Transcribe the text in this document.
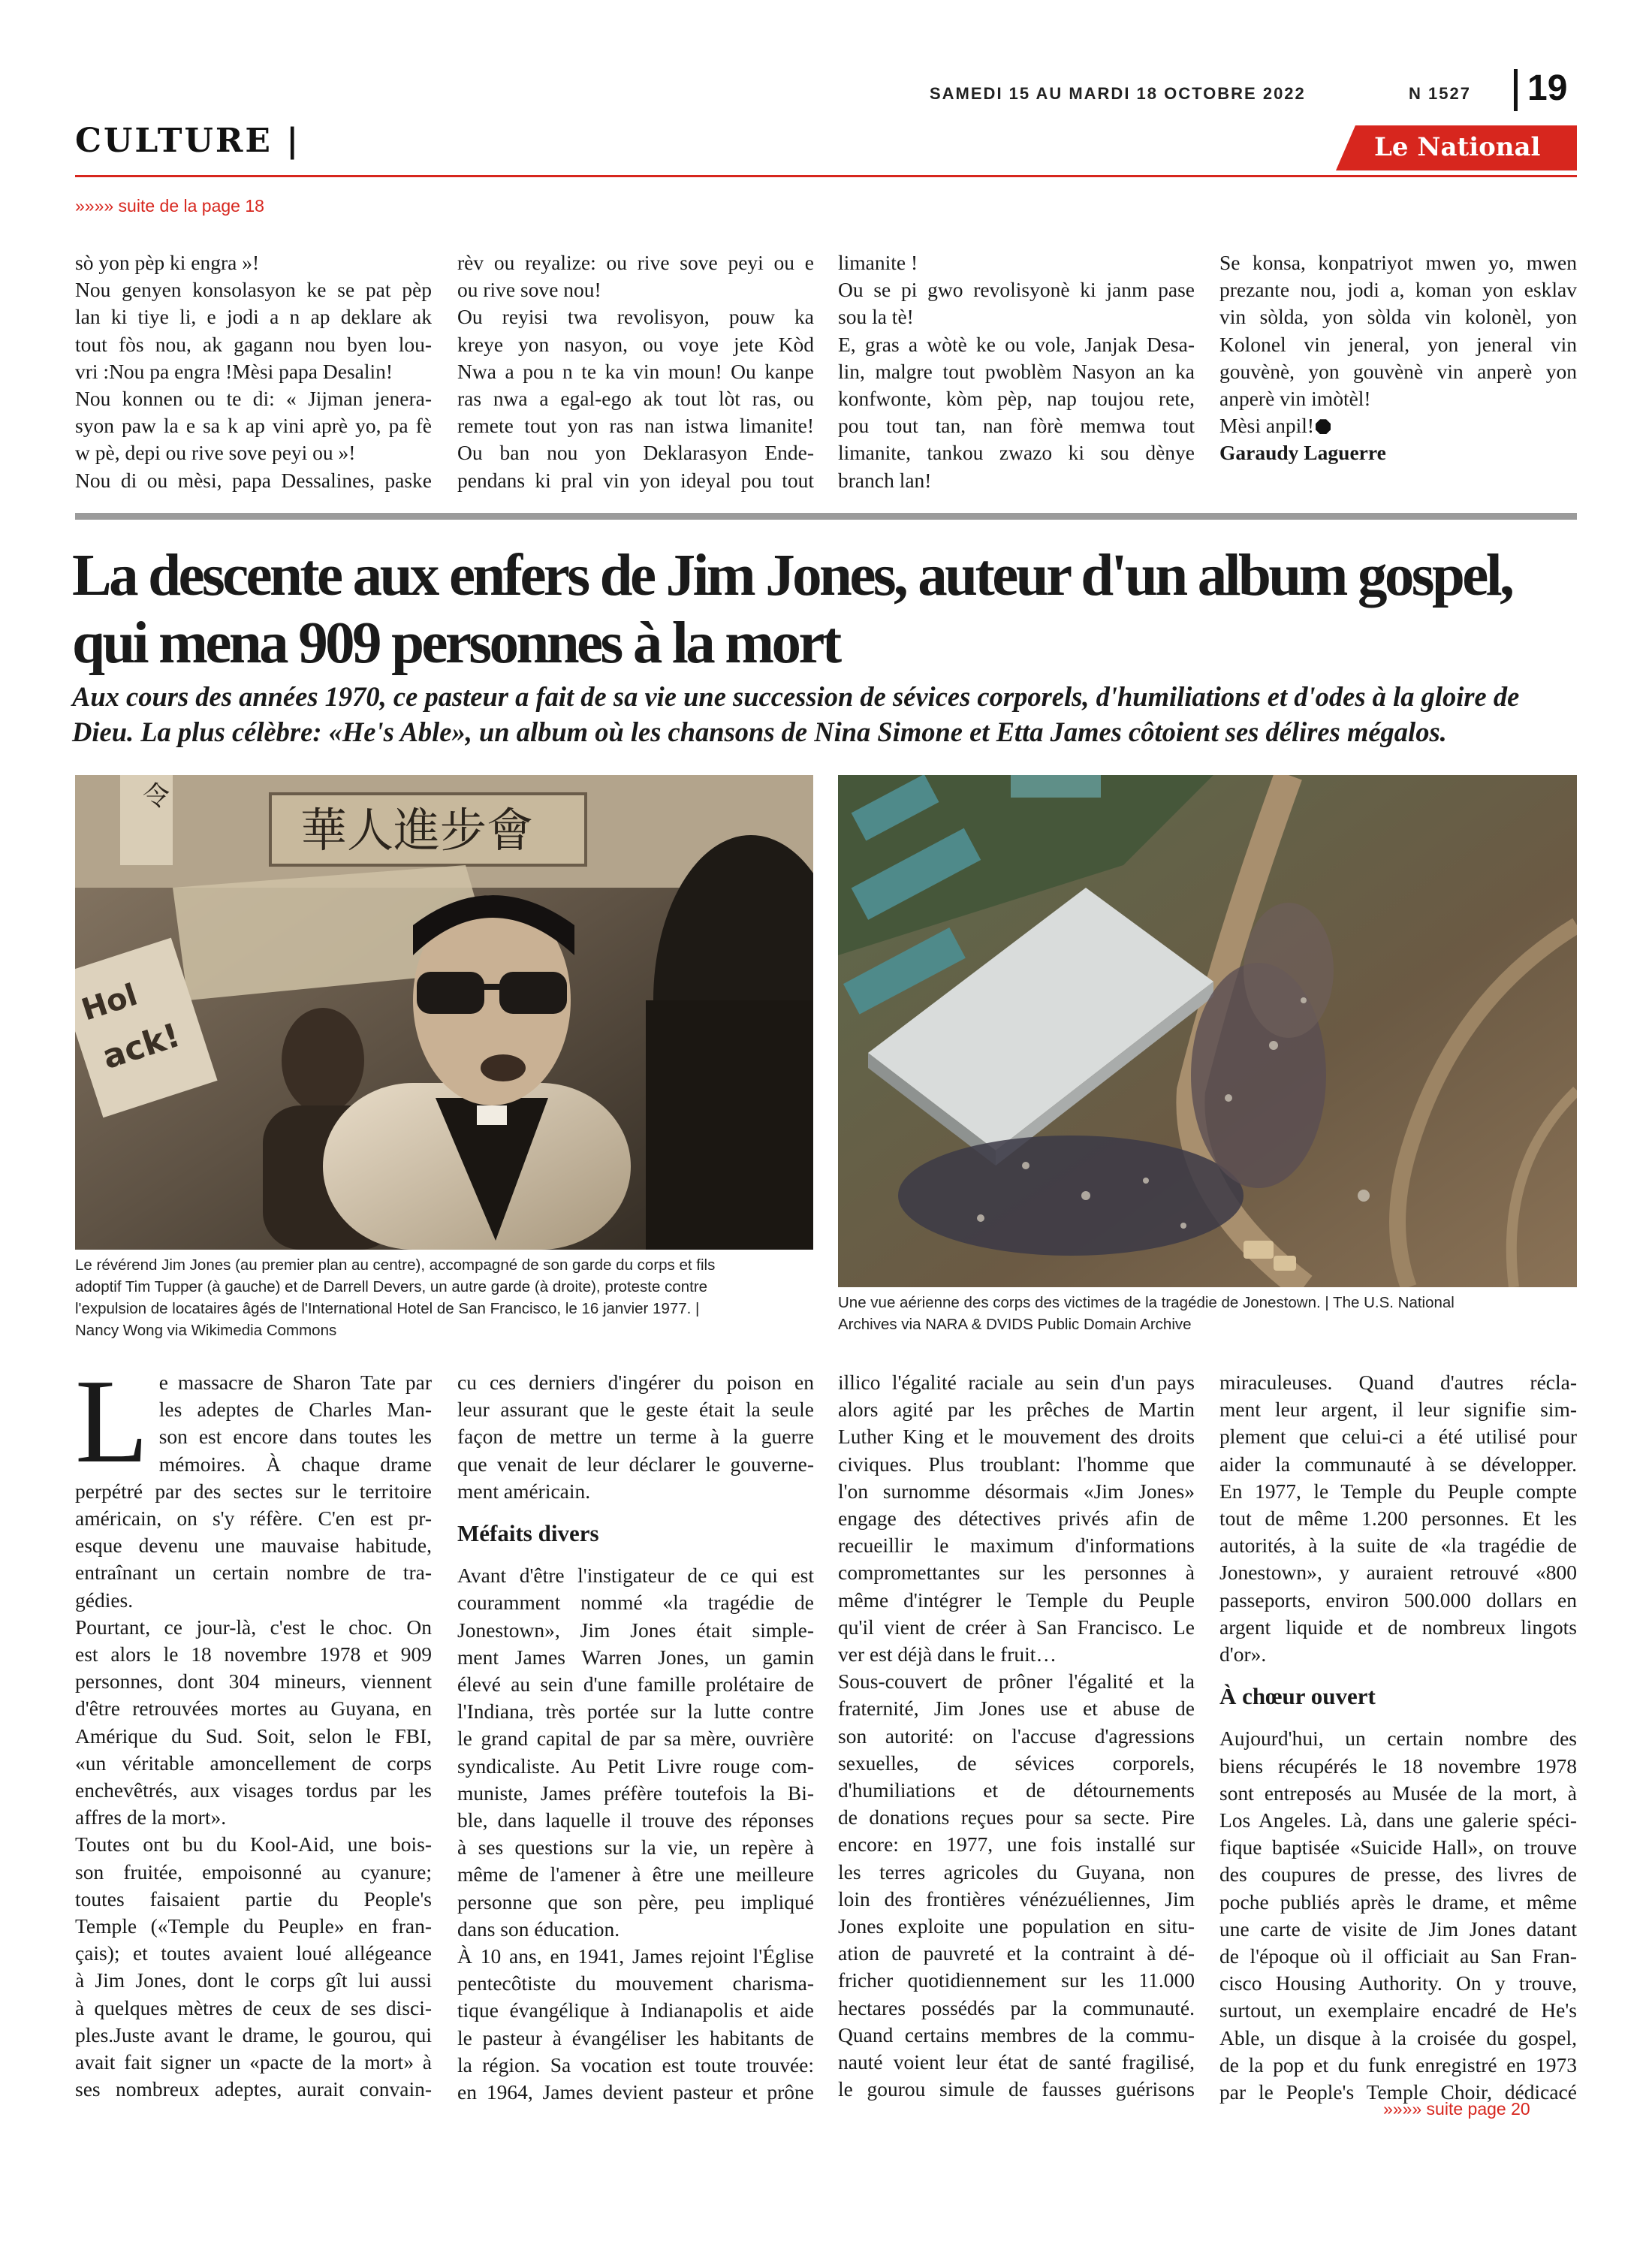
SAMEDI 15 AU MARDI 18 OCTOBRE 2022	N 1527 19
CULTURE |	Le National
»»»» suite de la page 18

sò yon pèp ki engra »!

Nou genyen konsolasyon ke se pat pèp

lan ki tiye li, e jodi a n ap deklare ak

tout fòs nou, ak gagann nou byen lou-

vri :Nou pa engra !Mèsi papa Desalin!

Nou konnen ou te di: « Jijman jenera-

syon paw la e sa k ap vini aprè yo, pa fè

w pè, depi ou rive sove peyi ou »!

Nou di ou mèsi, papa Dessalines, paske

rèv ou reyalize: ou rive sove peyi ou e

ou rive sove nou!

Ou reyisi twa revolisyon, pouw ka

kreye yon nasyon, ou voye jete Kòd

Nwa a pou n te ka vin moun! Ou kanpe

ras nwa a egal-ego ak tout lòt ras, ou

remete tout yon ras nan istwa limanite!

Ou ban nou yon Deklarasyon Ende-

pendans ki pral vin yon ideyal pou tout

limanite !

Ou se pi gwo revolisyonè ki janm pase

sou la tè!

E, gras a wòtè ke ou vole, Janjak Desa-

lin, malgre tout pwoblèm Nasyon an ka

konfwonte, kòm pèp, nap toujou rete,

pou tout tan, nan fòrè memwa tout

limanite, tankou zwazo ki sou dènye

branch lan!

Se konsa, konpatriyot mwen yo, mwen

prezante nou, jodi a, koman yon esklav

vin sòlda, yon sòlda vin kolonèl, yon

Kolonel vin jeneral, yon jeneral vin

gouvènè, yon gouvènè vin anperè yon

anperè vin imòtèl!

Mèsi anpil!

Garaudy Laguerre

La descente aux enfers de Jim Jones, auteur d'un album gospel, qui mena 909 personnes à la mort

Aux cours des années 1970, ce pasteur a fait de sa vie une succession de sévices corporels, d'humiliations et d'odes à la gloire de Dieu. La plus célèbre: «He's Able», un album où les chansons de Nina Simone et Etta James côtoient ses délires mégalos.

華人進步會
令
Hol
ack!
Le révérend Jim Jones (au premier plan au centre), accompagné de son garde du corps et fils
adoptif Tim Tupper (à gauche) et de Darrell Devers, un autre garde (à droite), proteste contre
l'expulsion de locataires âgés de l'International Hotel de San Francisco, le 16 janvier 1977. |
Nancy Wong via Wikimedia Commons
Une vue aérienne des corps des victimes de la tragédie de Jonestown. | The U.S. National
Archives via NARA & DVIDS Public Domain Archive
L e massacre de Sharon Tate par

les adeptes de Charles Man-

son est encore dans toutes les

mémoires. À chaque drame

perpétré par des sectes sur le territoire

américain, on s'y réfère. C'en est pr-

esque devenu une mauvaise habitude,

entraînant un certain nombre de tra-

gédies.

Pourtant, ce jour-là, c'est le choc. On

est alors le 18 novembre 1978 et 909

personnes, dont 304 mineurs, viennent

d'être retrouvées mortes au Guyana, en

Amérique du Sud. Soit, selon le FBI,

«un véritable amoncellement de corps

enchevêtrés, aux visages tordus par les

affres de la mort».

Toutes ont bu du Kool-Aid, une bois-

son fruitée, empoisonné au cyanure;

toutes faisaient partie du People's

Temple («Temple du Peuple» en fran-

çais); et toutes avaient loué allégeance

à Jim Jones, dont le corps gît lui aussi

à quelques mètres de ceux de ses disci-

ples.Juste avant le drame, le gourou, qui

avait fait signer un «pacte de la mort» à

ses nombreux adeptes, aurait convain-

cu ces derniers d'ingérer du poison en

leur assurant que le geste était la seule

façon de mettre un terme à la guerre

que venait de leur déclarer le gouverne-

ment américain.

Méfaits divers

Avant d'être l'instigateur de ce qui est

couramment nommé «la tragédie de

Jonestown», Jim Jones était simple-

ment James Warren Jones, un gamin

élevé au sein d'une famille prolétaire de

l'Indiana, très portée sur la lutte contre

le grand capital de par sa mère, ouvrière

syndicaliste. Au Petit Livre rouge com-

muniste, James préfère toutefois la Bi-

ble, dans laquelle il trouve des réponses

à ses questions sur la vie, un repère à

même de l'amener à être une meilleure

personne que son père, peu impliqué

dans son éducation.

À 10 ans, en 1941, James rejoint l'Église

pentecôtiste du mouvement charisma-

tique évangélique à Indianapolis et aide

le pasteur à évangéliser les habitants de

la région. Sa vocation est toute trouvée:

en 1964, James devient pasteur et prône

illico l'égalité raciale au sein d'un pays

alors agité par les prêches de Martin

Luther King et le mouvement des droits

civiques. Plus troublant: l'homme que

l'on surnomme désormais «Jim Jones»

engage des détectives privés afin de

recueillir le maximum d'informations

compromettantes sur les personnes à

même d'intégrer le Temple du Peuple

qu'il vient de créer à San Francisco. Le

ver est déjà dans le fruit…

Sous-couvert de prôner l'égalité et la

fraternité, Jim Jones use et abuse de

son autorité: on l'accuse d'agressions

sexuelles, de sévices corporels,

d'humiliations et de détournements

de donations reçues pour sa secte. Pire

encore: en 1977, une fois installé sur

les terres agricoles du Guyana, non

loin des frontières vénézuéliennes, Jim

Jones exploite une population en situ-

ation de pauvreté et la contraint à dé-

fricher quotidiennement sur les 11.000

hectares possédés par la communauté.

Quand certains membres de la commu-

nauté voient leur état de santé fragilisé,

le gourou simule de fausses guérisons

miraculeuses. Quand d'autres récla-

ment leur argent, il leur signifie sim-

plement que celui-ci a été utilisé pour

aider la communauté à se développer.

En 1977, le Temple du Peuple compte

tout de même 1.200 personnes. Et les

autorités, à la suite de «la tragédie de

Jonestown», y auraient retrouvé «800

passeports, environ 500.000 dollars en

argent liquide et de nombreux lingots

d'or».

À chœur ouvert

Aujourd'hui, un certain nombre des

biens récupérés le 18 novembre 1978

sont entreposés au Musée de la mort, à

Los Angeles. Là, dans une galerie spéci-

fique baptisée «Suicide Hall», on trouve

des coupures de presse, des livres de

poche publiés après le drame, et même

une carte de visite de Jim Jones datant

de l'époque où il officiait au San Fran-

cisco Housing Authority. On y trouve,

surtout, un exemplaire encadré de He's

Able, un disque à la croisée du gospel,

de la pop et du funk enregistré en 1973

par le People's Temple Choir, dédicacé

»»»» suite page 20
